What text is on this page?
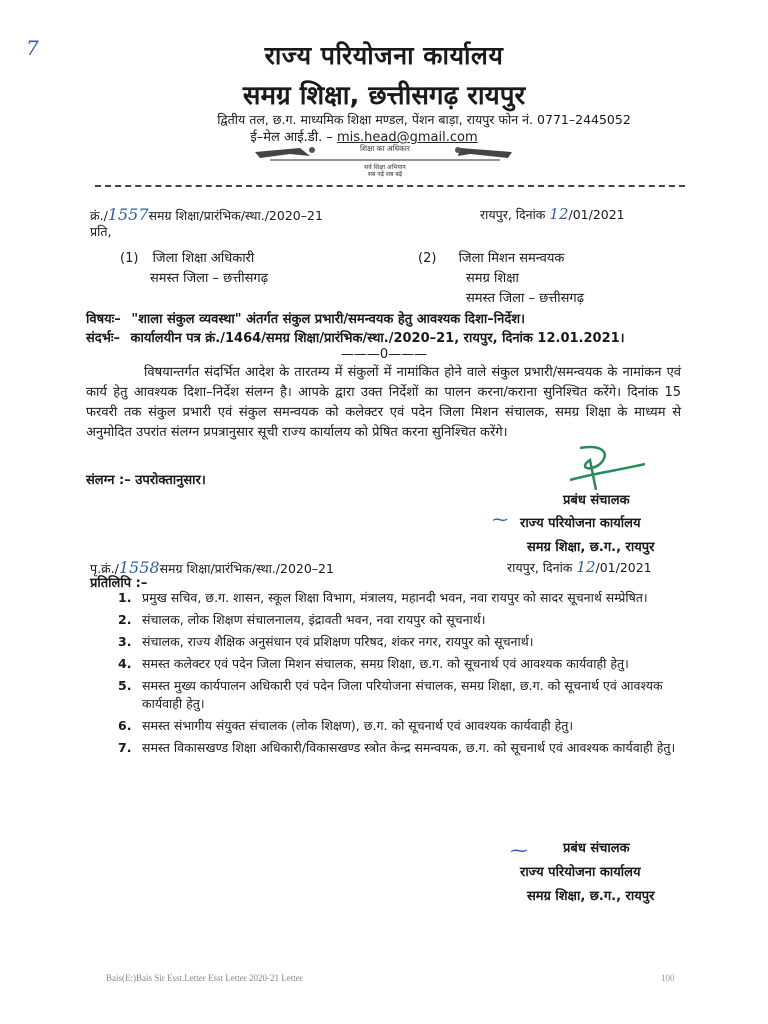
7	राज्य परियोजना कार्यालय
समग्र शिक्षा, छत्तीसगढ़ रायपुर
द्वितीय तल, छ.ग. माध्यमिक शिक्षा मण्डल, पेंशन बाड़ा, रायपुर फोन नं. 0771–2445052
ई–मेल आई.डी. – mis.head@gmail.com
शिक्षा का अधिकार
सर्व शिक्षा अभियान
सब पढ़ें सब बढ़ें
क्रं./1557समग्र शिक्षा/प्रारंभिक/स्था./2020–21	रायपुर, दिनांक 12/01/2021
प्रति,
(1) जिला शिक्षा अधिकारी
समस्त जिला – छत्तीसगढ़
(2) जिला मिशन समन्वयक
समग्र शिक्षा
समस्त जिला – छत्तीसगढ़
विषयः– "शाला संकुल व्यवस्था" अंतर्गत संकुल प्रभारी/समन्वयक हेतु आवश्यक दिशा–निर्देश।
संदर्भः– कार्यालयीन पत्र क्रं./1464/समग्र शिक्षा/प्रारंभिक/स्था./2020–21, रायपुर, दिनांक 12.01.2021।
———0———
विषयान्तर्गत संदर्भित आदेश के तारतम्य में संकुलों में नामांकित होने वाले संकुल प्रभारी/समन्वयक के नामांकन एवं कार्य हेतु आवश्यक दिशा–निर्देश संलग्न है। आपके द्वारा उक्त निर्देशों का पालन करना/कराना सुनिश्चित करेंगे। दिनांक 15 फरवरी तक संकुल प्रभारी एवं संकुल समन्वयक को कलेक्टर एवं पदेन जिला मिशन संचालक, समग्र शिक्षा के माध्यम से अनुमोदित उपरांत संलग्न प्रपत्रानुसार सूची राज्य कार्यालय को प्रेषित करना सुनिश्चित करेंगे।
संलग्न :– उपरोक्तानुसार।
⁓
प्रबंध संचालक
राज्य परियोजना कार्यालय
समग्र शिक्षा, छ.ग., रायपुर
पृ.क्रं./1558समग्र शिक्षा/प्रारंभिक/स्था./2020–21	रायपुर, दिनांक 12/01/2021
प्रतिलिपि :–
1. प्रमुख सचिव, छ.ग. शासन, स्कूल शिक्षा विभाग, मंत्रालय, महानदी भवन, नवा रायपुर को सादर सूचनार्थ सम्प्रेषित।
2. संचालक, लोक शिक्षण संचालनालय, इंद्रावती भवन, नवा रायपुर को सूचनार्थ।
3. संचालक, राज्य शैक्षिक अनुसंधान एवं प्रशिक्षण परिषद, शंकर नगर, रायपुर को सूचनार्थ।
4. समस्त कलेक्टर एवं पदेन जिला मिशन संचालक, समग्र शिक्षा, छ.ग. को सूचनार्थ एवं आवश्यक कार्यवाही हेतु।
5. समस्त मुख्य कार्यपालन अधिकारी एवं पदेन जिला परियोजना संचालक, समग्र शिक्षा, छ.ग. को सूचनार्थ एवं आवश्यक कार्यवाही हेतु।
6. समस्त संभागीय संयुक्त संचालक (लोक शिक्षण), छ.ग. को सूचनार्थ एवं आवश्यक कार्यवाही हेतु।
7. समस्त विकासखण्ड शिक्षा अधिकारी/विकासखण्ड स्त्रोत केन्द्र समन्वयक, छ.ग. को सूचनार्थ एवं आवश्यक कार्यवाही हेतु।
⁓	प्रबंध संचालक
राज्य परियोजना कार्यालय
समग्र शिक्षा, छ.ग., रायपुर
Bais(E:)Bais Sir Esst.Letter Esst Letter 2020-21 Letter	100
